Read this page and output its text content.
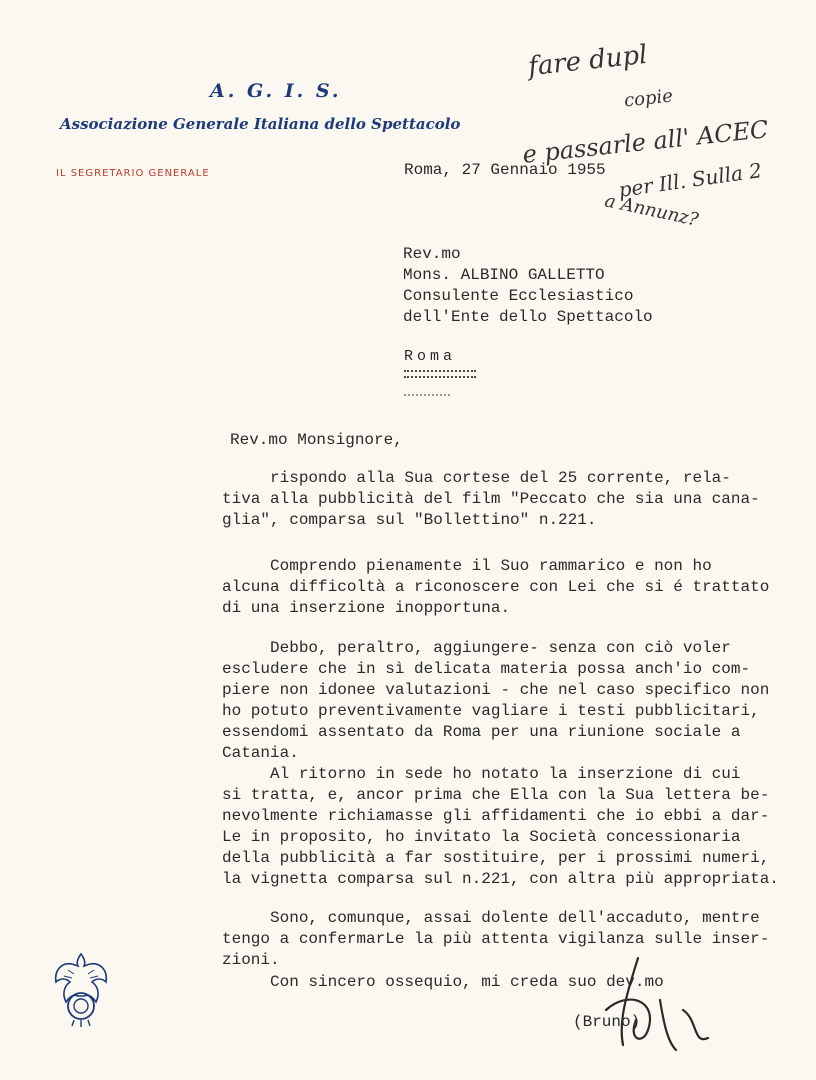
A. G. I. S.
Associazione Generale Italiana dello Spettacolo
IL SEGRETARIO GENERALE	Roma, 27 Gennaio 1955
fare dupl
copie
e passarle all' ACEC
per Ill. Sulla 2
a Annunz?
Rev.mo
Mons. ALBINO GALLETTO
Consulente Ecclesiastico
dell'Ente dello Spettacolo
Roma
Rev.mo Monsignore,
rispondo alla Sua cortese del 25 corrente, rela-
tiva alla pubblicità del film "Peccato che sia una cana-
glia", comparsa sul "Bollettino" n.221.
Comprendo pienamente il Suo rammarico e non ho
alcuna difficoltà a riconoscere con Lei che si é trattato
di una inserzione inopportuna.
Debbo, peraltro, aggiungere- senza con ciò voler
escludere che in sì delicata materia possa anch'io com-
piere non idonee valutazioni - che nel caso specifico non
ho potuto preventivamente vagliare i testi pubblicitari,
essendomi assentato da Roma per una riunione sociale a
Catania.
Al ritorno in sede ho notato la inserzione di cui
si tratta, e, ancor prima che Ella con la Sua lettera be-
nevolmente richiamasse gli affidamenti che io ebbi a dar-
Le in proposito, ho invitato la Società concessionaria
della pubblicità a far sostituire, per i prossimi numeri,
la vignetta comparsa sul n.221, con altra più appropriata.
Sono, comunque, assai dolente dell'accaduto, mentre
tengo a confermarLe la più attenta vigilanza sulle inser-
zioni.
Con sincero ossequio, mi creda suo dev.mo
(Bruno)
